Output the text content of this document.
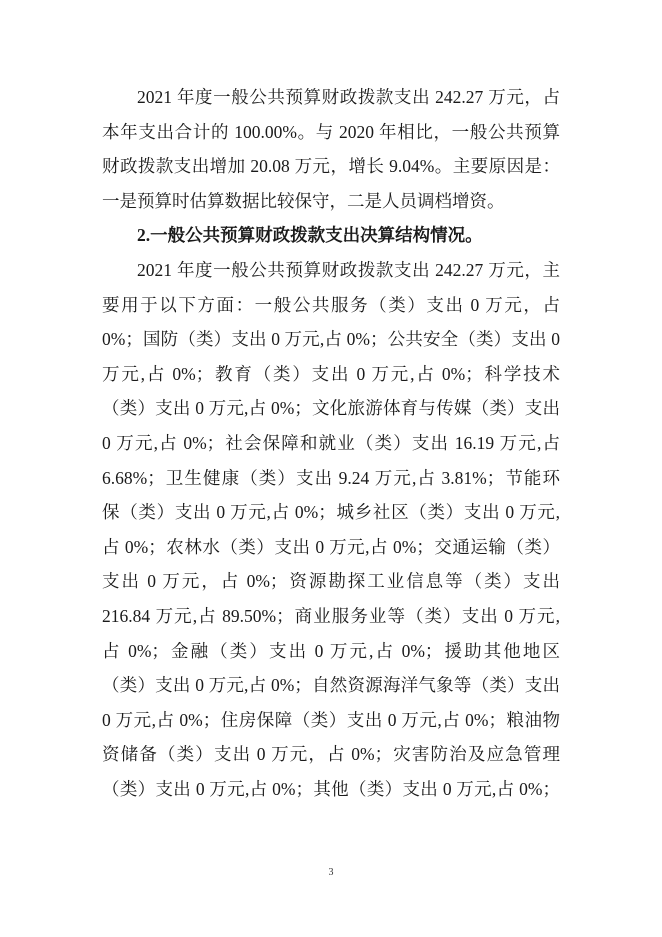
2021 年度一般公共预算财政拨款支出 242.27 万元，占
本年支出合计的 100.00%。与 2020 年相比，一般公共预算
财政拨款支出增加 20.08 万元，增长 9.04%。主要原因是：
一是预算时估算数据比较保守，二是人员调档增资。

2.一般公共预算财政拨款支出决算结构情况。

2021 年度一般公共预算财政拨款支出 242.27 万元，主
要用于以下方面：一般公共服务（类）支出 0 万元，占
0%；国防（类）支出 0 万元,占 0%；公共安全（类）支出 0
万元,占 0%；教育（类）支出 0 万元,占 0%；科学技术
（类）支出 0 万元,占 0%；文化旅游体育与传媒（类）支出
0 万元,占 0%；社会保障和就业（类）支出 16.19 万元,占
6.68%；卫生健康（类）支出 9.24 万元,占 3.81%；节能环
保（类）支出 0 万元,占 0%；城乡社区（类）支出 0 万元,
占 0%；农林水（类）支出 0 万元,占 0%；交通运输（类）
支出 0 万元，占 0%；资源勘探工业信息等（类）支出
216.84 万元,占 89.50%；商业服务业等（类）支出 0 万元,
占 0%；金融（类）支出 0 万元,占 0%；援助其他地区
（类）支出 0 万元,占 0%；自然资源海洋气象等（类）支出
0 万元,占 0%；住房保障（类）支出 0 万元,占 0%；粮油物
资储备（类）支出 0 万元，占 0%；灾害防治及应急管理
（类）支出 0 万元,占 0%；其他（类）支出 0 万元,占 0%；

3
